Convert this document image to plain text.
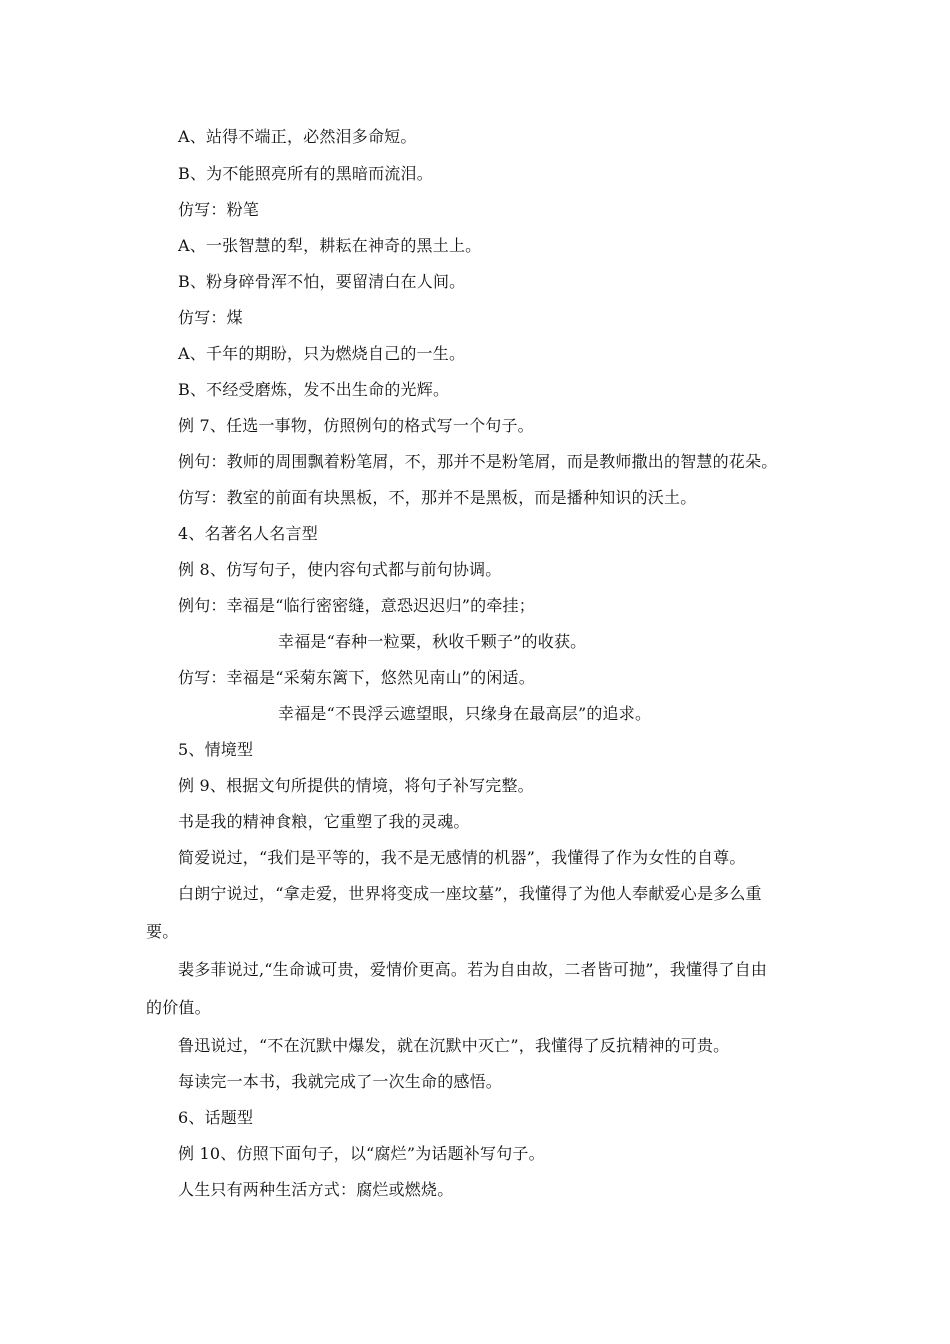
A、站得不端正，必然泪多命短。
B、为不能照亮所有的黑暗而流泪。
仿写：粉笔
A、一张智慧的犁，耕耘在神奇的黑土上。
B、粉身碎骨浑不怕，要留清白在人间。
仿写：煤
A、千年的期盼，只为燃烧自己的一生。
B、不经受磨炼，发不出生命的光辉。
例 7、任选一事物，仿照例句的格式写一个句子。
例句：教师的周围飘着粉笔屑，不，那并不是粉笔屑，而是教师撒出的智慧的花朵。
仿写：教室的前面有块黑板，不，那并不是黑板，而是播种知识的沃土。
4、名著名人名言型
例 8、仿写句子，使内容句式都与前句协调。
例句：幸福是“临行密密缝，意恐迟迟归”的牵挂；
幸福是“春种一粒粟，秋收千颗子”的收获。
仿写：幸福是“采菊东篱下，悠然见南山”的闲适。
幸福是“不畏浮云遮望眼，只缘身在最高层”的追求。
5、情境型
例 9、根据文句所提供的情境，将句子补写完整。
书是我的精神食粮，它重塑了我的灵魂。
简爱说过，“我们是平等的，我不是无感情的机器”，我懂得了作为女性的自尊。
白朗宁说过，“拿走爱，世界将变成一座坟墓”，我懂得了为他人奉献爱心是多么重
要。
裴多菲说过,“生命诚可贵，爱情价更高。若为自由故，二者皆可抛”，我懂得了自由
的价值。
鲁迅说过，“不在沉默中爆发，就在沉默中灭亡”，我懂得了反抗精神的可贵。
每读完一本书，我就完成了一次生命的感悟。
6、话题型
例 10、仿照下面句子，以“腐烂”为话题补写句子。
人生只有两种生活方式：腐烂或燃烧。
